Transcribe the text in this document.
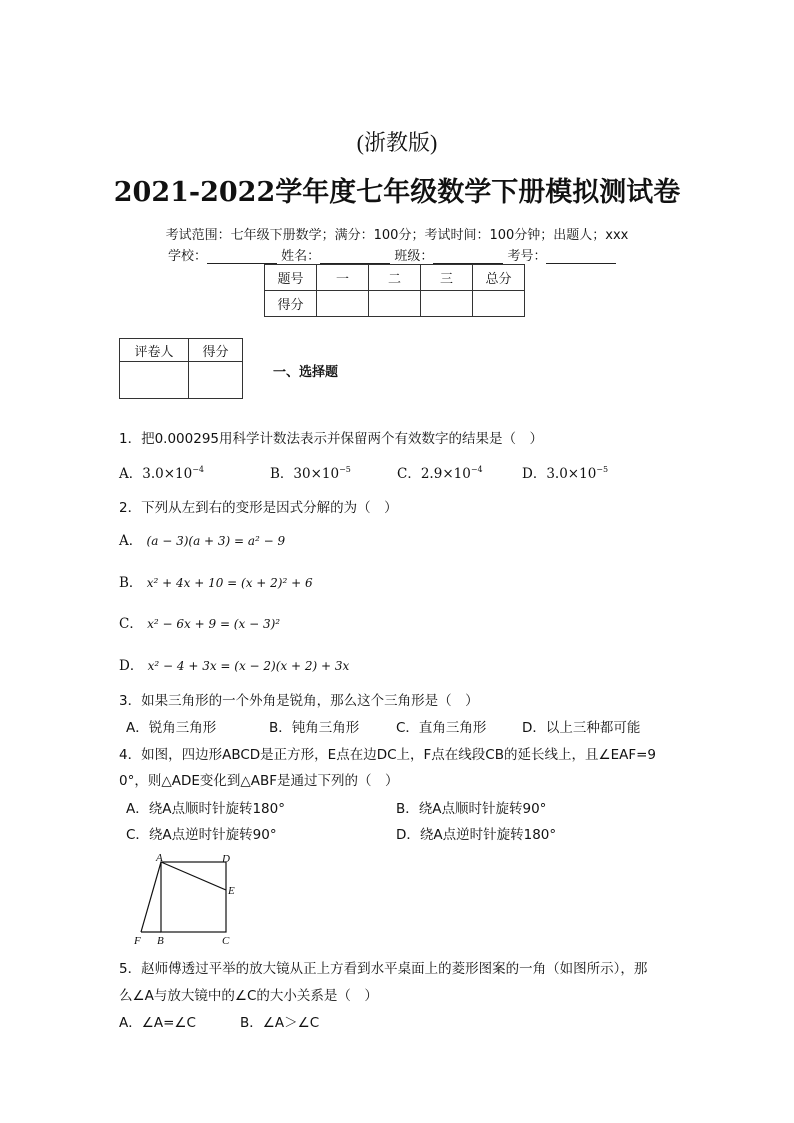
(浙教版)
2021-2022学年度七年级数学下册模拟测试卷
考试范围：七年级下册数学；满分：100分；考试时间：100分钟；出题人；xxx
学校：	姓名：	班级：	考号：
题号	一	二	三	总分
得分				
评卷人	得分

一、选择题
1．把0.000295用科学计数法表示并保留两个有效数字的结果是（　）
A．$3.0\times 10^{-4}$	B．$30\times 10^{-5}$	C．$2.9\times 10^{-4}$	D．$3.0\times 10^{-5}$
2．下列从左到右的变形是因式分解的为（　）
A． (a − 3)(a + 3) = a² − 9
B． x² + 4x + 10 = (x + 2)² + 6
C． x² − 6x + 9 = (x − 3)²
D． x² − 4 + 3x = (x − 2)(x + 2) + 3x
3．如果三角形的一个外角是锐角，那么这个三角形是（　）
A．锐角三角形	B．钝角三角形	C．直角三角形	D．以上三种都可能
4．如图，四边形ABCD是正方形，E点在边DC上，F点在线段CB的延长线上，且∠EAF=9
0°，则△ADE变化到△ABF是通过下列的（　）
A．绕A点顺时针旋转180°	B．绕A点顺时针旋转90°
C．绕A点逆时针旋转90°	D．绕A点逆时针旋转180°
A	D
E
F B	C
5．赵师傅透过平举的放大镜从正上方看到水平桌面上的菱形图案的一角（如图所示），那
么∠A与放大镜中的∠C的大小关系是（　）
A．∠A=∠C	B．∠A＞∠C
